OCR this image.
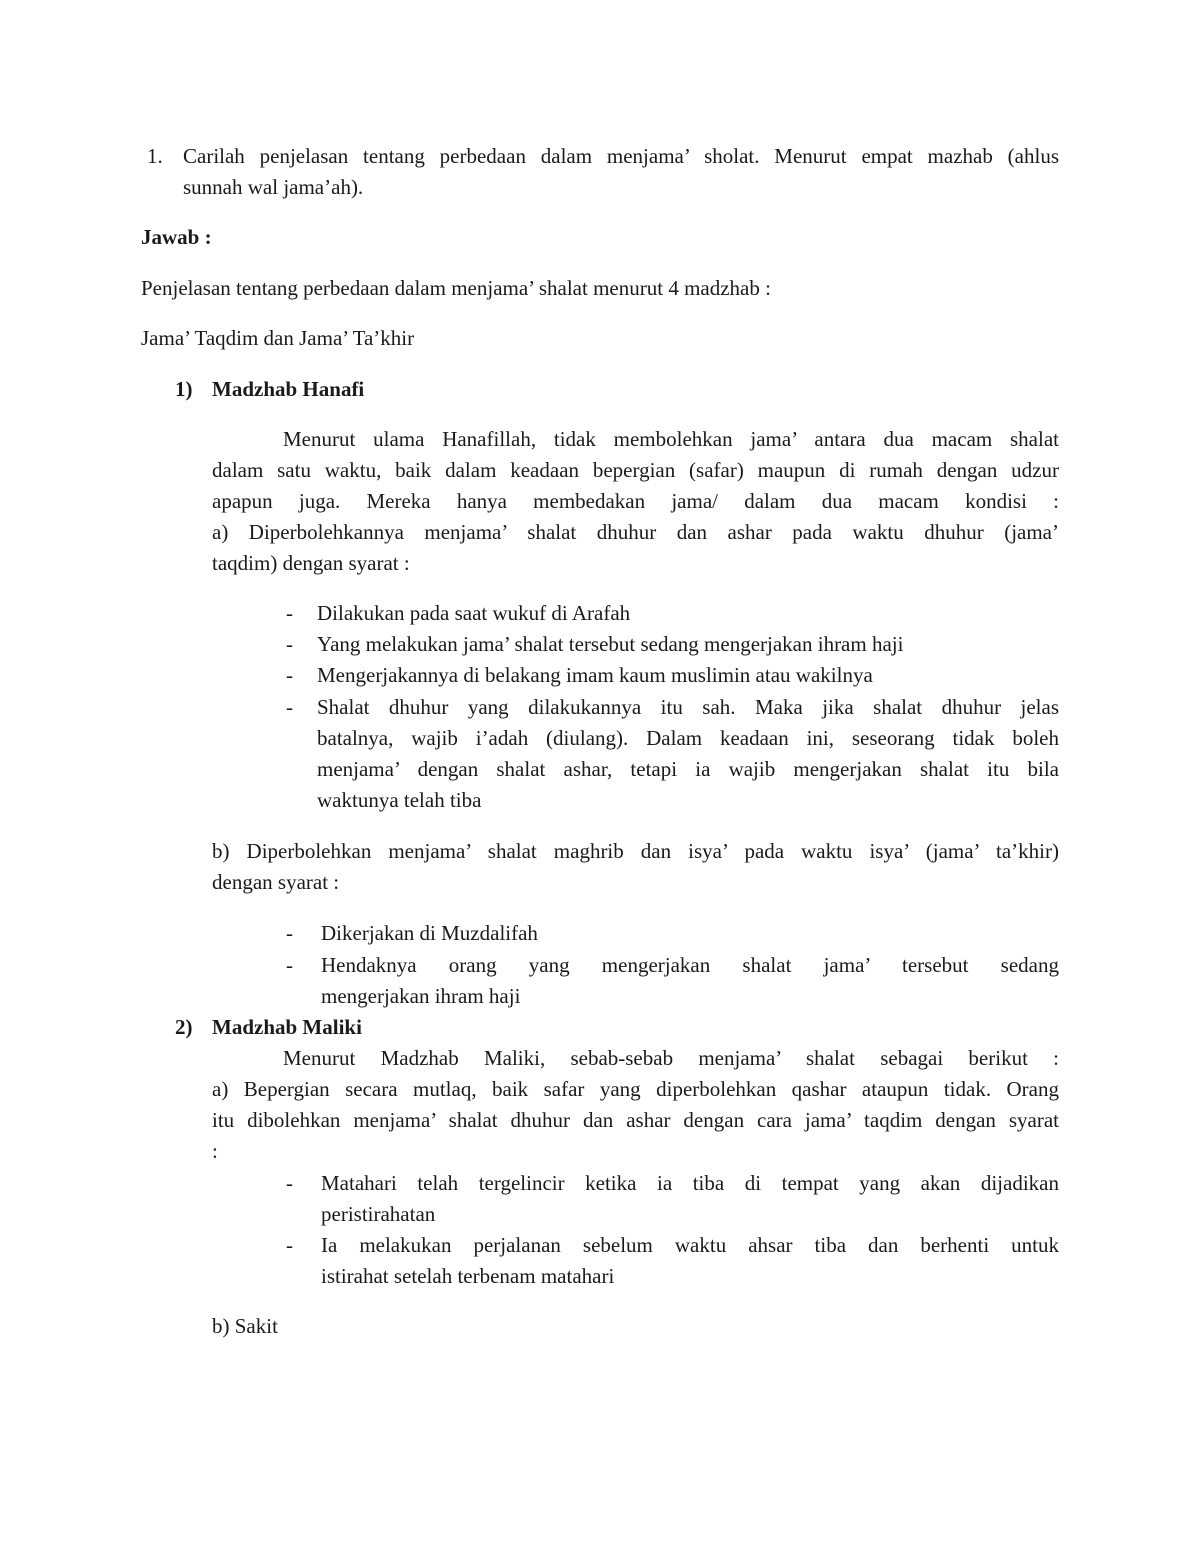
1. Carilah penjelasan tentang perbedaan dalam menjama’ sholat. Menurut empat mazhab (ahlus
sunnah wal jama’ah).
Jawab :
Penjelasan tentang perbedaan dalam menjama’ shalat menurut 4 madzhab :
Jama’ Taqdim dan Jama’ Ta’khir
1) Madzhab Hanafi
Menurut ulama Hanafillah, tidak membolehkan jama’ antara dua macam shalat
dalam satu waktu, baik dalam keadaan bepergian (safar) maupun di rumah dengan udzur
apapun juga. Mereka hanya membedakan jama/ dalam dua macam kondisi :
a) Diperbolehkannya menjama’ shalat dhuhur dan ashar pada waktu dhuhur (jama’
taqdim) dengan syarat :
- Dilakukan pada saat wukuf di Arafah
- Yang melakukan jama’ shalat tersebut sedang mengerjakan ihram haji
- Mengerjakannya di belakang imam kaum muslimin atau wakilnya
- Shalat dhuhur yang dilakukannya itu sah. Maka jika shalat dhuhur jelas
batalnya, wajib i’adah (diulang). Dalam keadaan ini, seseorang tidak boleh
menjama’ dengan shalat ashar, tetapi ia wajib mengerjakan shalat itu bila
waktunya telah tiba
b) Diperbolehkan menjama’ shalat maghrib dan isya’ pada waktu isya’ (jama’ ta’khir)
dengan syarat :
- Dikerjakan di Muzdalifah
- Hendaknya orang yang mengerjakan shalat jama’ tersebut sedang
mengerjakan ihram haji
2) Madzhab Maliki
Menurut Madzhab Maliki, sebab-sebab menjama’ shalat sebagai berikut :
a) Bepergian secara mutlaq, baik safar yang diperbolehkan qashar ataupun tidak. Orang
itu dibolehkan menjama’ shalat dhuhur dan ashar dengan cara jama’ taqdim dengan syarat
:
- Matahari telah tergelincir ketika ia tiba di tempat yang akan dijadikan
peristirahatan
- Ia melakukan perjalanan sebelum waktu ahsar tiba dan berhenti untuk
istirahat setelah terbenam matahari
b) Sakit
